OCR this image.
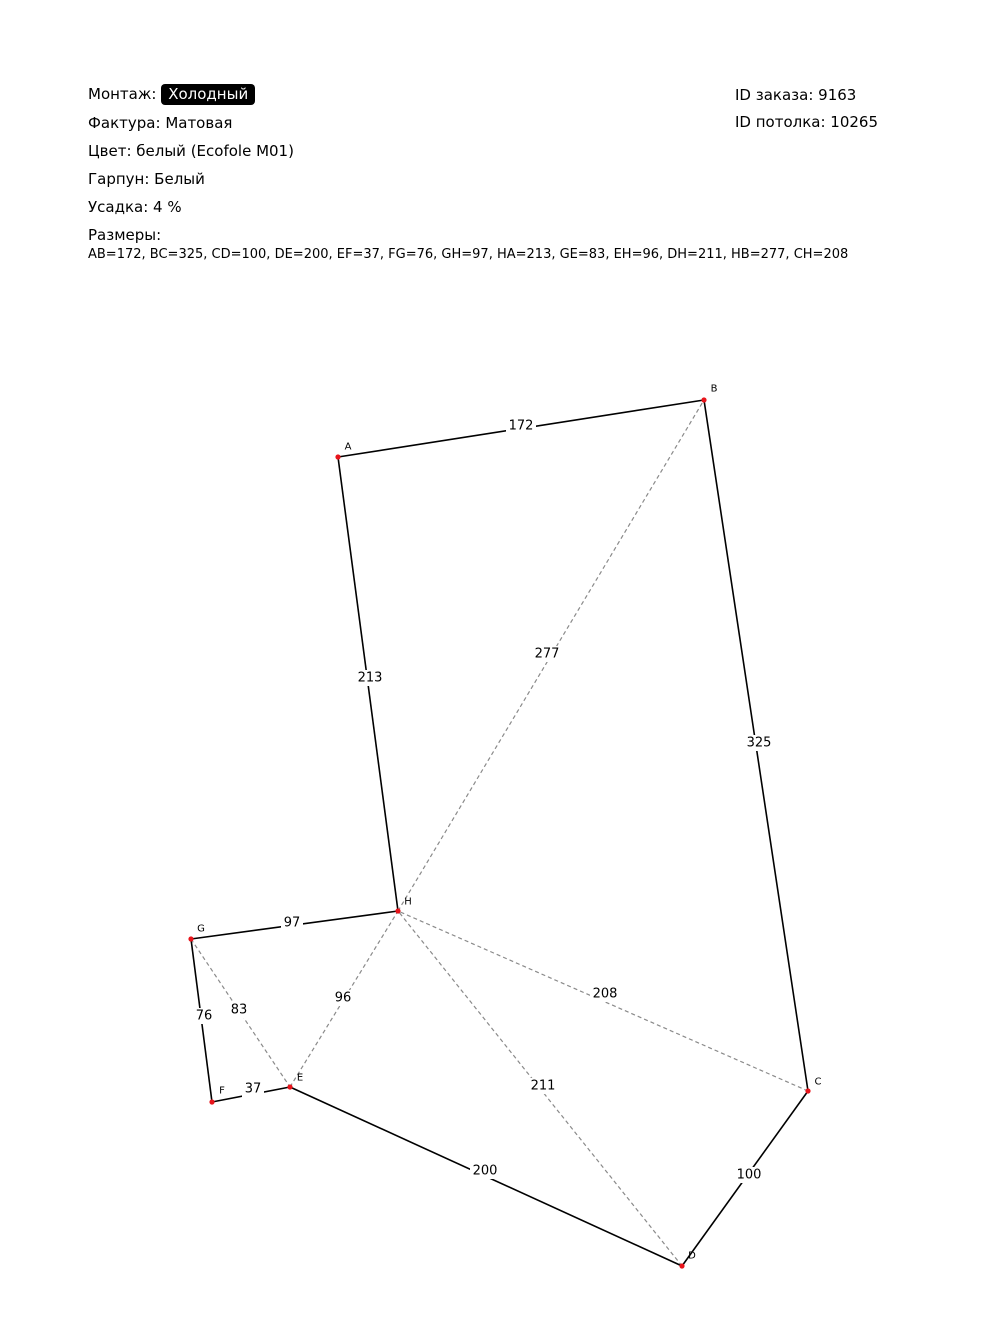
Монтаж: Холодный
Фактура: Матовая
Цвет: белый (Ecofole M01)
Гарпун: Белый
Усадка: 4 %
Размеры:
AB=172, BC=325, CD=100, DE=200, EF=37, FG=76, GH=97, HA=213, GE=83, EH=96, DH=211, HB=277, CH=208
ID заказа: 9163
ID потолка: 10265
172
325
100
200
37
76
97
213
83
96
211
277
208
A
B
C
D
E
F
G
H
